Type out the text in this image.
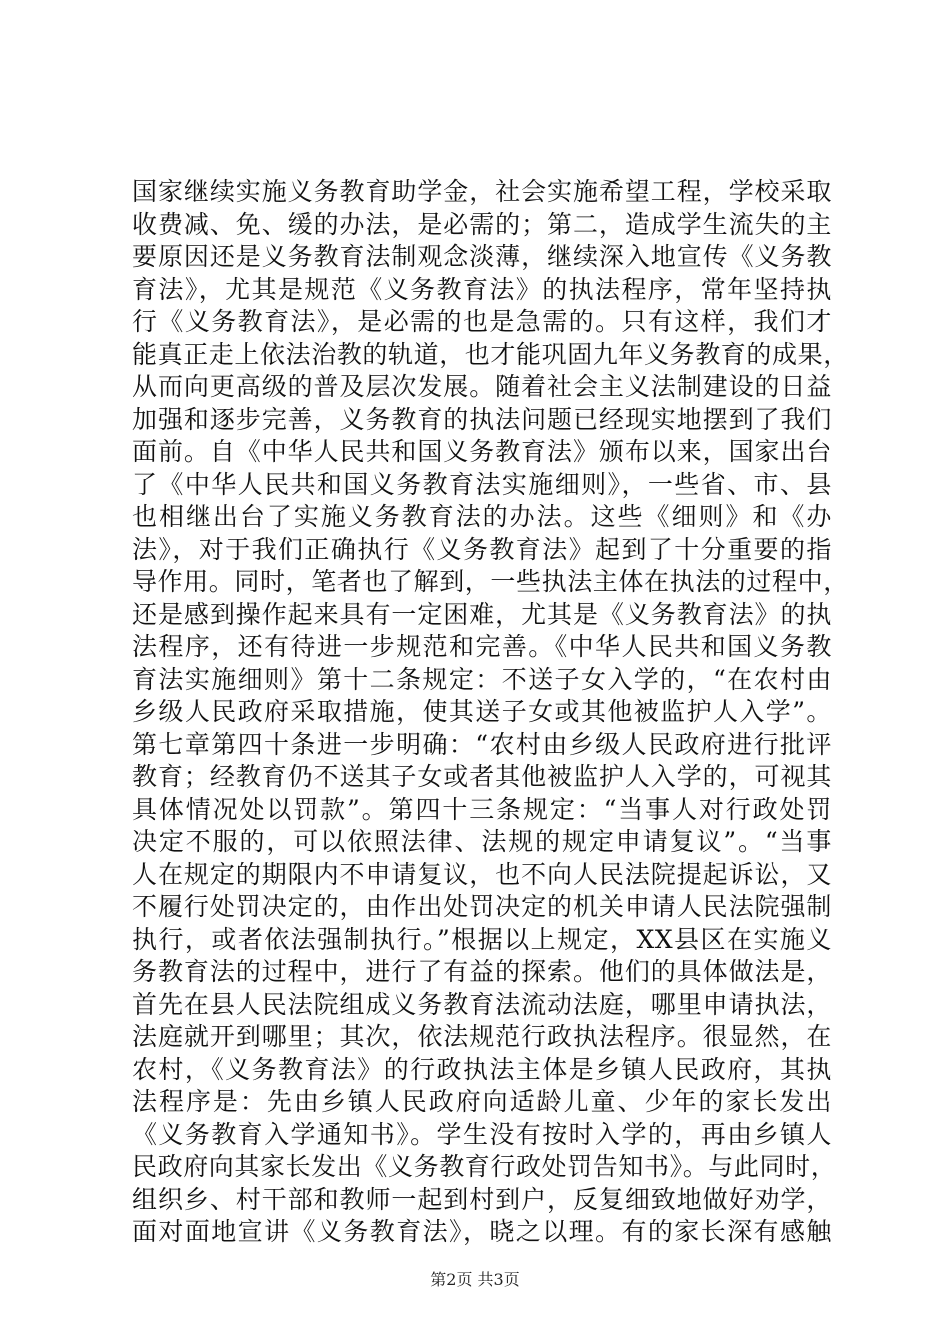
国家继续实施义务教育助学金，社会实施希望工程，学校采取
收费减、免、缓的办法，是必需的；第二，造成学生流失的主
要原因还是义务教育法制观念淡薄，继续深入地宣传《义务教
育法》，尤其是规范《义务教育法》的执法程序，常年坚持执
行《义务教育法》，是必需的也是急需的。只有这样，我们才
能真正走上依法治教的轨道，也才能巩固九年义务教育的成果，
从而向更高级的普及层次发展。随着社会主义法制建设的日益
加强和逐步完善，义务教育的执法问题已经现实地摆到了我们
面前。自《中华人民共和国义务教育法》颁布以来，国家出台
了《中华人民共和国义务教育法实施细则》，一些省、市、县
也相继出台了实施义务教育法的办法。这些《细则》和《办
法》，对于我们正确执行《义务教育法》起到了十分重要的指
导作用。同时，笔者也了解到，一些执法主体在执法的过程中，
还是感到操作起来具有一定困难，尤其是《义务教育法》的执
法程序，还有待进一步规范和完善。《中华人民共和国义务教
育法实施细则》第十二条规定：不送子女入学的，“在农村由
乡级人民政府采取措施，使其送子女或其他被监护人入学”。
第七章第四十条进一步明确：“农村由乡级人民政府进行批评
教育；经教育仍不送其子女或者其他被监护人入学的，可视其
具体情况处以罚款”。第四十三条规定：“当事人对行政处罚
决定不服的，可以依照法律、法规的规定申请复议”。“当事
人在规定的期限内不申请复议，也不向人民法院提起诉讼，又
不履行处罚决定的，由作出处罚决定的机关申请人民法院强制
执行，或者依法强制执行。”根据以上规定，XX县区在实施义
务教育法的过程中，进行了有益的探索。他们的具体做法是，
首先在县人民法院组成义务教育法流动法庭，哪里申请执法，
法庭就开到哪里；其次，依法规范行政执法程序。很显然，在
农村，《义务教育法》的行政执法主体是乡镇人民政府，其执
法程序是：先由乡镇人民政府向适龄儿童、少年的家长发出
《义务教育入学通知书》。学生没有按时入学的，再由乡镇人
民政府向其家长发出《义务教育行政处罚告知书》。与此同时，
组织乡、村干部和教师一起到村到户，反复细致地做好劝学，
面对面地宣讲《义务教育法》，晓之以理。有的家长深有感触
第2页 共3页
